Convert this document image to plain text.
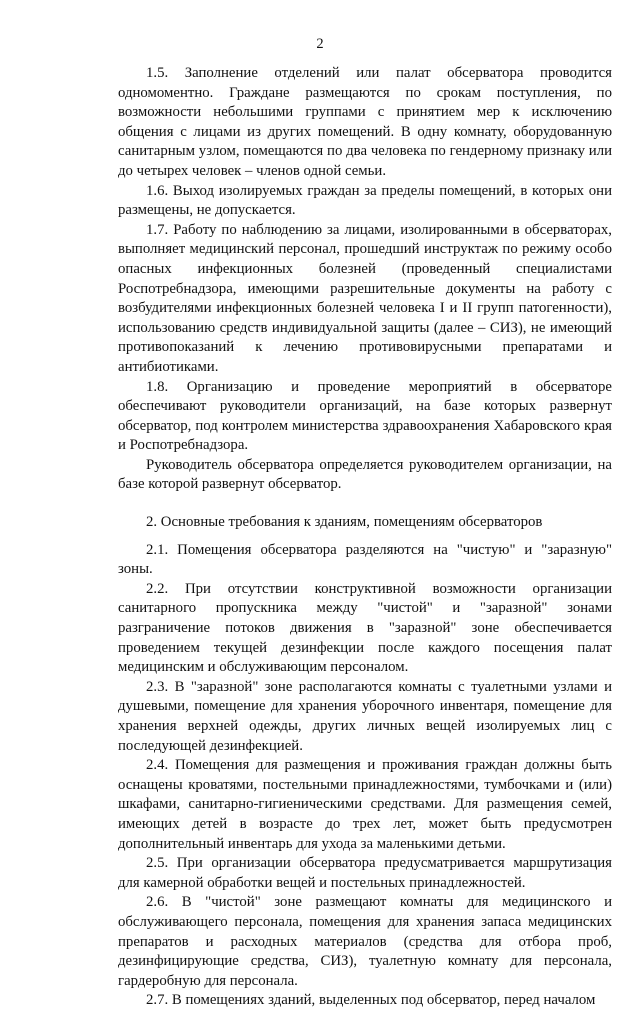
2

1.5. Заполнение отделений или палат обсерватора проводится одномоментно. Граждане размещаются по срокам поступления, по возможности небольшими группами с принятием мер к исключению общения с лицами из других помещений. В одну комнату, оборудованную санитарным узлом, помещаются по два человека по гендерному признаку или до четырех человек – членов одной семьи.

1.6. Выход изолируемых граждан за пределы помещений, в которых они размещены, не допускается.

1.7. Работу по наблюдению за лицами, изолированными в обсерваторах, выполняет медицинский персонал, прошедший инструктаж по режиму особо опасных инфекционных болезней (проведенный специалистами Роспотребнадзора, имеющими разрешительные документы на работу с возбудителями инфекционных болезней человека I и II групп патогенности), использованию средств индивидуальной защиты (далее – СИЗ), не имеющий противопоказаний к лечению противовирусными препаратами и антибиотиками.

1.8. Организацию и проведение мероприятий в обсерваторе обеспечивают руководители организаций, на базе которых развернут обсерватор, под контролем министерства здравоохранения Хабаровского края и Роспотребнадзора.

Руководитель обсерватора определяется руководителем организации, на базе которой развернут обсерватор.

2. Основные требования к зданиям, помещениям обсерваторов

2.1. Помещения обсерватора разделяются на "чистую" и "заразную" зоны.

2.2. При отсутствии конструктивной возможности организации санитарного пропускника между "чистой" и "заразной" зонами разграничение потоков движения в "заразной" зоне обеспечивается проведением текущей дезинфекции после каждого посещения палат медицинским и обслуживающим персоналом.

2.3. В "заразной" зоне располагаются комнаты с туалетными узлами и душевыми, помещение для хранения уборочного инвентаря, помещение для хранения верхней одежды, других личных вещей изолируемых лиц с последующей дезинфекцией.

2.4. Помещения для размещения и проживания граждан должны быть оснащены кроватями, постельными принадлежностями, тумбочками и (или) шкафами, санитарно-гигиеническими средствами. Для размещения семей, имеющих детей в возрасте до трех лет, может быть предусмотрен дополнительный инвентарь для ухода за маленькими детьми.

2.5. При организации обсерватора предусматривается маршрутизация для камерной обработки вещей и постельных принадлежностей.

2.6. В "чистой" зоне размещают комнаты для медицинского и обслуживающего персонала, помещения для хранения запаса медицинских препаратов и расходных материалов (средства для отбора проб, дезинфицирующие средства, СИЗ), туалетную комнату для персонала, гардеробную для персонала.

2.7. В помещениях зданий, выделенных под обсерватор, перед началом
